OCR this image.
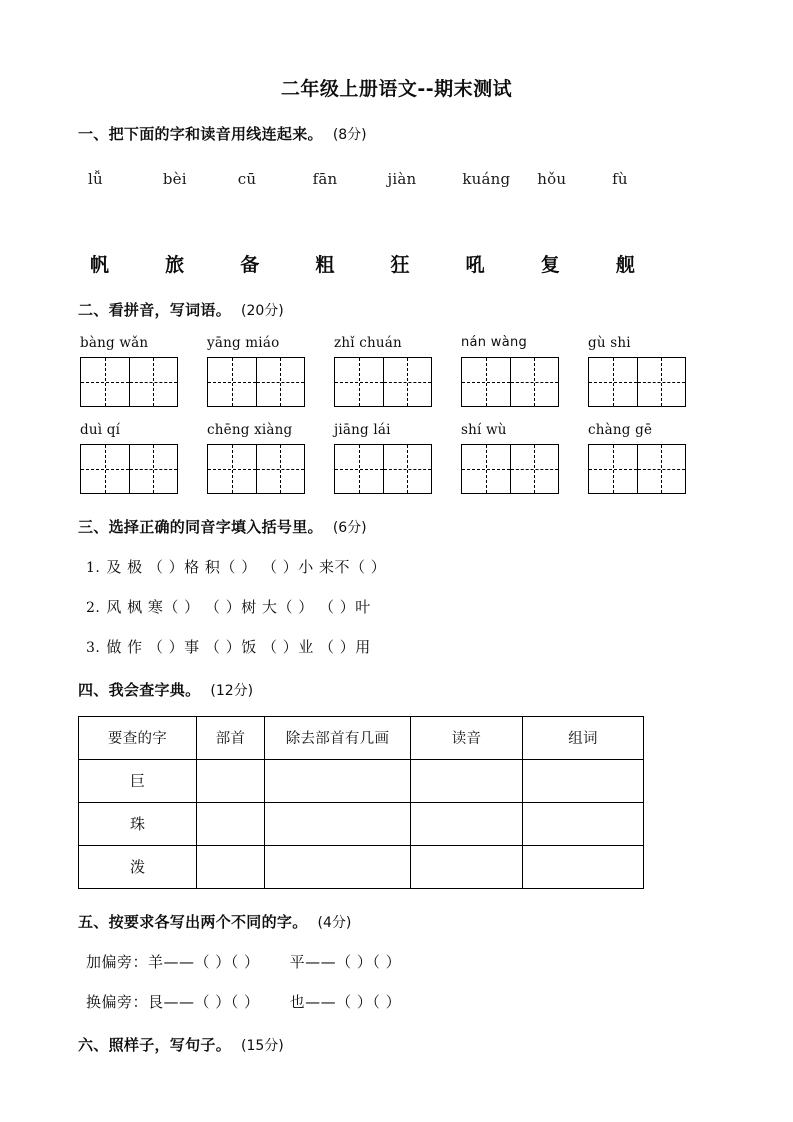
二年级上册语文--期末测试
一、把下面的字和读音用线连起来。 (8分)
lǚ	bèi	cū	fān	jiàn	kuáng	hǒu	fù
帆	旅	备	粗	狂	吼	复	舰
二、看拼音，写词语。 (20分)
bàng wǎn	yāng miáo	zhǐ chuán	nán wàng	gù shi
duì qí	chēng xiàng	jiāng lái	shí wù	chàng gē
三、选择正确的同音字填入括号里。 (6分)
1. 及 极 （ ）格 积（ ） （ ）小 来不（ ）
2. 风 枫 寒（ ） （ ）树 大（ ） （ ）叶
3. 做 作 （ ）事 （ ）饭 （ ）业 （ ）用
四、我会查字典。 (12分)
要查的字	部首	除去部首有几画	读音	组词
巨				
珠				
泼				
五、按要求各写出两个不同的字。 (4分)
加偏旁：羊——（ ）（ ） 平——（ ）（ ）
换偏旁：艮——（ ）（ ） 也——（ ）（ ）
六、照样子，写句子。 (15分)
